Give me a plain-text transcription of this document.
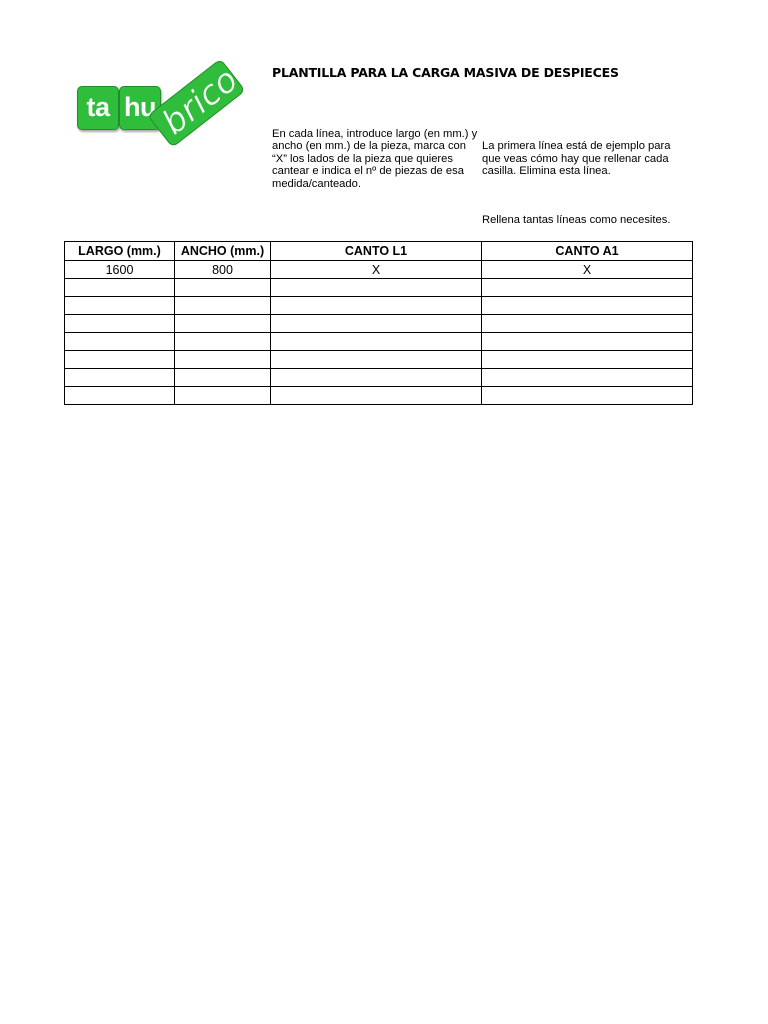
ta hu
brico PLANTILLA PARA LA CARGA MASIVA DE DESPIECES
En cada línea, introduce largo (en mm.) y ancho (en mm.) de la pieza, marca con “X” los lados de la pieza que quieres cantear e indica el nº de piezas de esa medida/canteado.

La primera línea está de ejemplo para que veas cómo hay que rellenar cada casilla. Elimina esta línea.

Rellena tantas líneas como necesites.

LARGO (mm.)	ANCHO (mm.)	CANTO L1	CANTO A1
1600	800	X	X
